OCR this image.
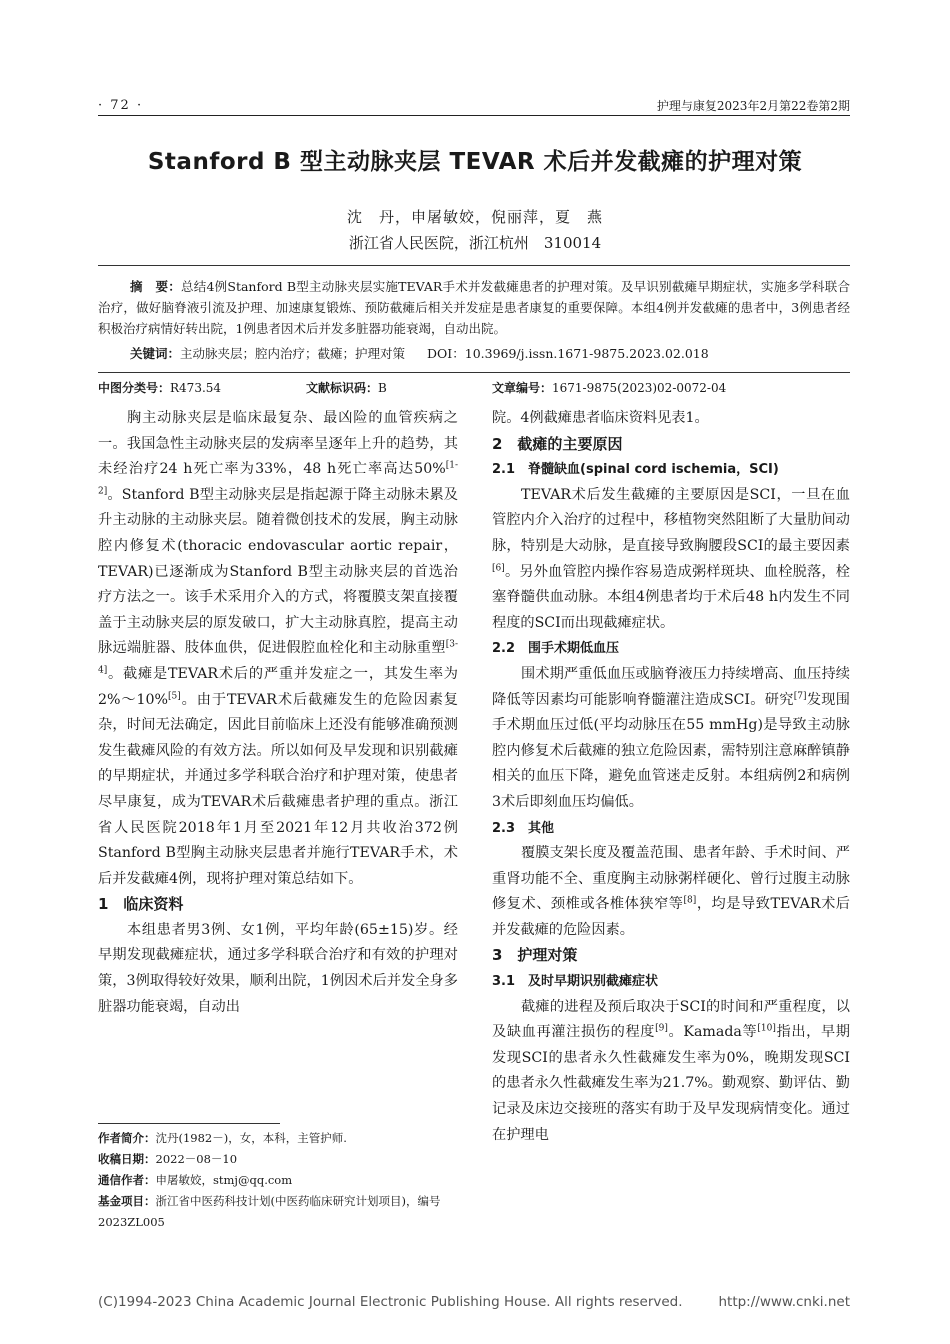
· 72 ·	护理与康复2023年2月第22卷第2期
Stanford B 型主动脉夹层 TEVAR 术后并发截瘫的护理对策
沈　丹，申屠敏姣，倪丽萍，夏　燕
浙江省人民医院，浙江杭州　310014
摘　要：总结4例Stanford B型主动脉夹层实施TEVAR手术并发截瘫患者的护理对策。及早识别截瘫早期症状，实施多学科联合治疗，做好脑脊液引流及护理、加速康复锻炼、预防截瘫后相关并发症是患者康复的重要保障。本组4例并发截瘫的患者中，3例患者经积极治疗病情好转出院，1例患者因术后并发多脏器功能衰竭，自动出院。
关键词：主动脉夹层；腔内治疗；截瘫；护理对策 DOI：10.3969/j.issn.1671-9875.2023.02.018
中图分类号：R473.54	文献标识码：B	文章编号：1671-9875(2023)02-0072-04

胸主动脉夹层是临床最复杂、最凶险的血管疾病之一。我国急性主动脉夹层的发病率呈逐年上升的趋势，其未经治疗24 h死亡率为33%，48 h死亡率高达50%[1-2]。Stanford B型主动脉夹层是指起源于降主动脉未累及升主动脉的主动脉夹层。随着微创技术的发展，胸主动脉腔内修复术(thoracic endovascular aortic repair，TEVAR)已逐渐成为Stanford B型主动脉夹层的首选治疗方法之一。该手术采用介入的方式，将覆膜支架直接覆盖于主动脉夹层的原发破口，扩大主动脉真腔，提高主动脉远端脏器、肢体血供，促进假腔血栓化和主动脉重塑[3-4]。截瘫是TEVAR术后的严重并发症之一，其发生率为2%～10%[5]。由于TEVAR术后截瘫发生的危险因素复杂，时间无法确定，因此目前临床上还没有能够准确预测发生截瘫风险的有效方法。所以如何及早发现和识别截瘫的早期症状，并通过多学科联合治疗和护理对策，使患者尽早康复，成为TEVAR术后截瘫患者护理的重点。浙江省人民医院2018年1月至2021年12月共收治372例Stanford B型胸主动脉夹层患者并施行TEVAR手术，术后并发截瘫4例，现将护理对策总结如下。

1　临床资料

本组患者男3例、女1例，平均年龄(65±15)岁。经早期发现截瘫症状，通过多学科联合治疗和有效的护理对策，3例取得较好效果，顺利出院，1例因术后并发全身多脏器功能衰竭，自动出

作者简介：沈丹(1982－)，女，本科，主管护师.
收稿日期：2022－08－10
通信作者：申屠敏姣，stmj@qq.com
基金项目：浙江省中医药科技计划(中医药临床研究计划项目)，编号2023ZL005

院。4例截瘫患者临床资料见表1。

2　截瘫的主要原因
2.1　脊髓缺血(spinal cord ischemia，SCI)

TEVAR术后发生截瘫的主要原因是SCI，一旦在血管腔内介入治疗的过程中，移植物突然阻断了大量肋间动脉，特别是大动脉，是直接导致胸腰段SCI的最主要因素[6]。另外血管腔内操作容易造成粥样斑块、血栓脱落，栓塞脊髓供血动脉。本组4例患者均于术后48 h内发生不同程度的SCI而出现截瘫症状。

2.2　围手术期低血压

围术期严重低血压或脑脊液压力持续增高、血压持续降低等因素均可能影响脊髓灌注造成SCI。研究[7]发现围手术期血压过低(平均动脉压在55 mmHg)是导致主动脉腔内修复术后截瘫的独立危险因素，需特别注意麻醉镇静相关的血压下降，避免血管迷走反射。本组病例2和病例3术后即刻血压均偏低。

2.3　其他

覆膜支架长度及覆盖范围、患者年龄、手术时间、严重肾功能不全、重度胸主动脉粥样硬化、曾行过腹主动脉修复术、颈椎或各椎体狭窄等[8]，均是导致TEVAR术后并发截瘫的危险因素。

3　护理对策
3.1　及时早期识别截瘫症状

截瘫的进程及预后取决于SCI的时间和严重程度，以及缺血再灌注损伤的程度[9]。Kamada等[10]指出，早期发现SCI的患者永久性截瘫发生率为0%，晚期发现SCI的患者永久性截瘫发生率为21.7%。勤观察、勤评估、勤记录及床边交接班的落实有助于及早发现病情变化。通过在护理电

(C)1994-2023 China Academic Journal Electronic Publishing House. All rights reserved.	http://www.cnki.net
